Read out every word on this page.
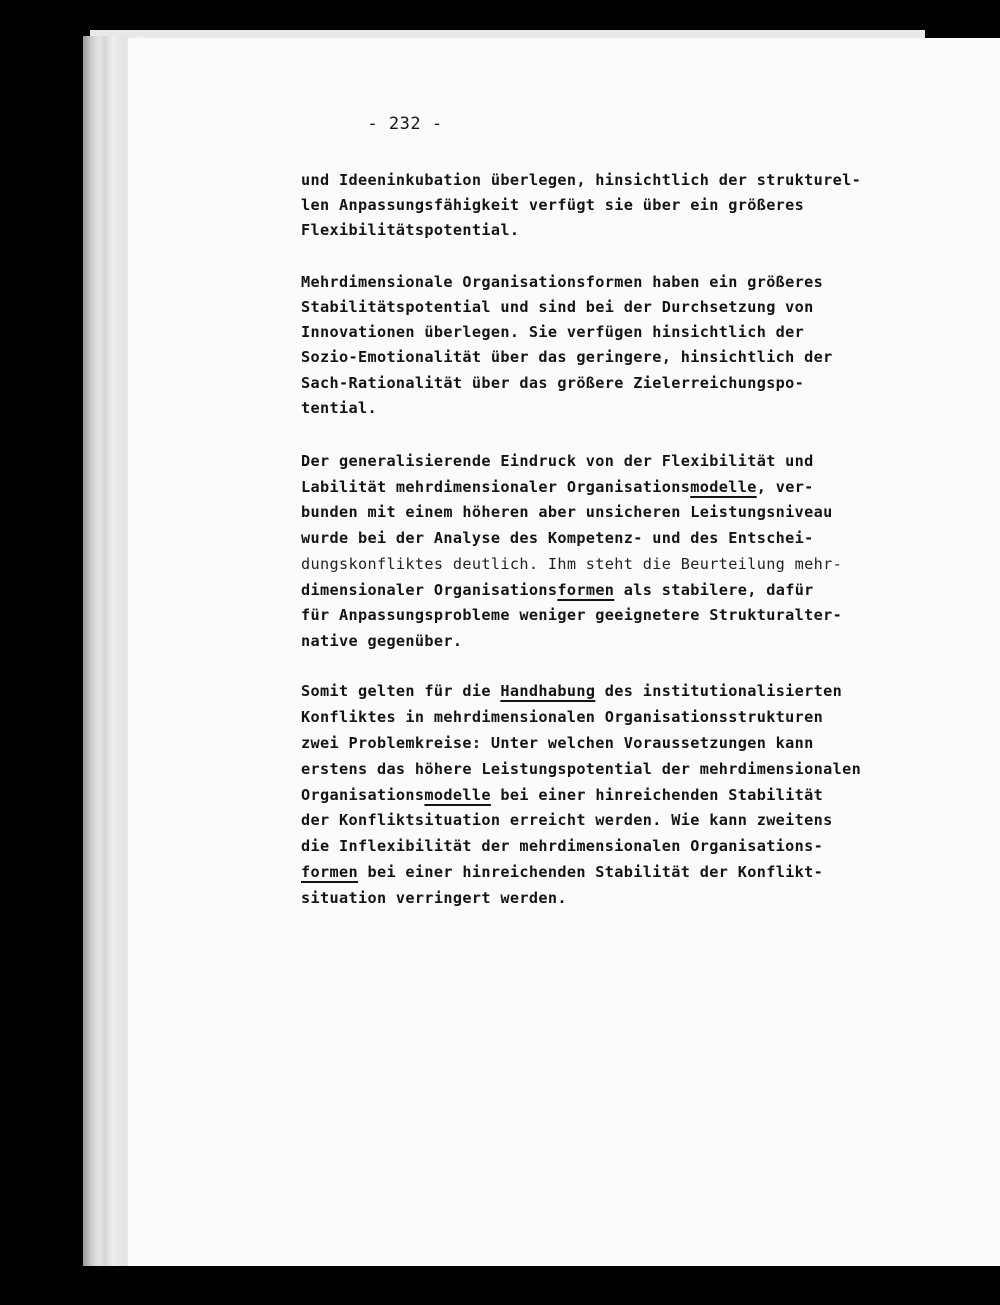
- 232 -
und Ideeninkubation überlegen, hinsichtlich der strukturel-
len Anpassungsfähigkeit verfügt sie über ein größeres
Flexibilitätspotential.
Mehrdimensionale Organisationsformen haben ein größeres
Stabilitätspotential und sind bei der Durchsetzung von
Innovationen überlegen. Sie verfügen hinsichtlich der
Sozio-Emotionalität über das geringere, hinsichtlich der
Sach-Rationalität über das größere Zielerreichungspo-
tential.
Der generalisierende Eindruck von der Flexibilität und
Labilität mehrdimensionaler Organisationsmodelle, ver-
bunden mit einem höheren aber unsicheren Leistungsniveau
wurde bei der Analyse des Kompetenz- und des Entschei-
dungskonfliktes deutlich. Ihm steht die Beurteilung mehr-
dimensionaler Organisationsformen als stabilere, dafür
für Anpassungsprobleme weniger geeignetere Strukturalter-
native gegenüber.
Somit gelten für die Handhabung des institutionalisierten
Konfliktes in mehrdimensionalen Organisationsstrukturen
zwei Problemkreise: Unter welchen Voraussetzungen kann
erstens das höhere Leistungspotential der mehrdimensionalen
Organisationsmodelle bei einer hinreichenden Stabilität
der Konfliktsituation erreicht werden. Wie kann zweitens
die Inflexibilität der mehrdimensionalen Organisations-
formen bei einer hinreichenden Stabilität der Konflikt-
situation verringert werden.
